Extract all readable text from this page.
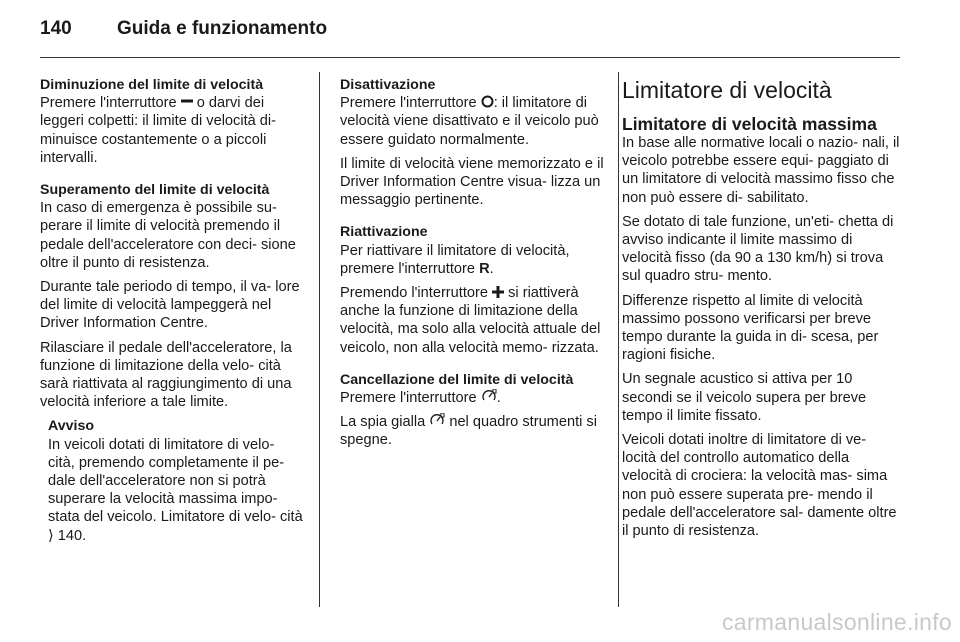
140 Guida e funzionamento
Diminuzione del limite di velocità

Premere l'interruttore o darvi dei leggeri colpetti: il limite di velocità di- minuisce costantemente o a piccoli intervalli.

Superamento del limite di velocità

In caso di emergenza è possibile su- perare il limite di velocità premendo il pedale dell'acceleratore con deci- sione oltre il punto di resistenza.

Durante tale periodo di tempo, il va- lore del limite di velocità lampeggerà nel Driver Information Centre.

Rilasciare il pedale dell'acceleratore, la funzione di limitazione della velo- cità sarà riattivata al raggiungimento di una velocità inferiore a tale limite.

Avviso
In veicoli dotati di limitatore di velo- cità, premendo completamente il pe- dale dell'acceleratore non si potrà superare la velocità massima impo- stata del veicolo. Limitatore di velo- cità ⟩ 140.
Disattivazione

Premere l'interruttore : il limitatore di velocità viene disattivato e il veicolo può essere guidato normalmente.

Il limite di velocità viene memorizzato e il Driver Information Centre visua- lizza un messaggio pertinente.

Riattivazione

Per riattivare il limitatore di velocità, premere l'interruttore R.

Premendo l'interruttore si riattiverà anche la funzione di limitazione della velocità, ma solo alla velocità attuale del veicolo, non alla velocità memo- rizzata.

Cancellazione del limite di velocità

Premere l'interruttore .

La spia gialla nel quadro strumenti si spegne.

Limitatore di velocità
Limitatore di velocità massima

In base alle normative locali o nazio- nali, il veicolo potrebbe essere equi- paggiato di un limitatore di velocità massimo fisso che non può essere di- sabilitato.

Se dotato di tale funzione, un'eti- chetta di avviso indicante il limite massimo di velocità fisso (da 90 a 130 km/h) si trova sul quadro stru- mento.

Differenze rispetto al limite di velocità massimo possono verificarsi per breve tempo durante la guida in di- scesa, per ragioni fisiche.

Un segnale acustico si attiva per 10 secondi se il veicolo supera per breve tempo il limite fissato.

Veicoli dotati inoltre di limitatore di ve- locità del controllo automatico della velocità di crociera: la velocità mas- sima non può essere superata pre- mendo il pedale dell'acceleratore sal- damente oltre il punto di resistenza.

carmanualsonline.info
